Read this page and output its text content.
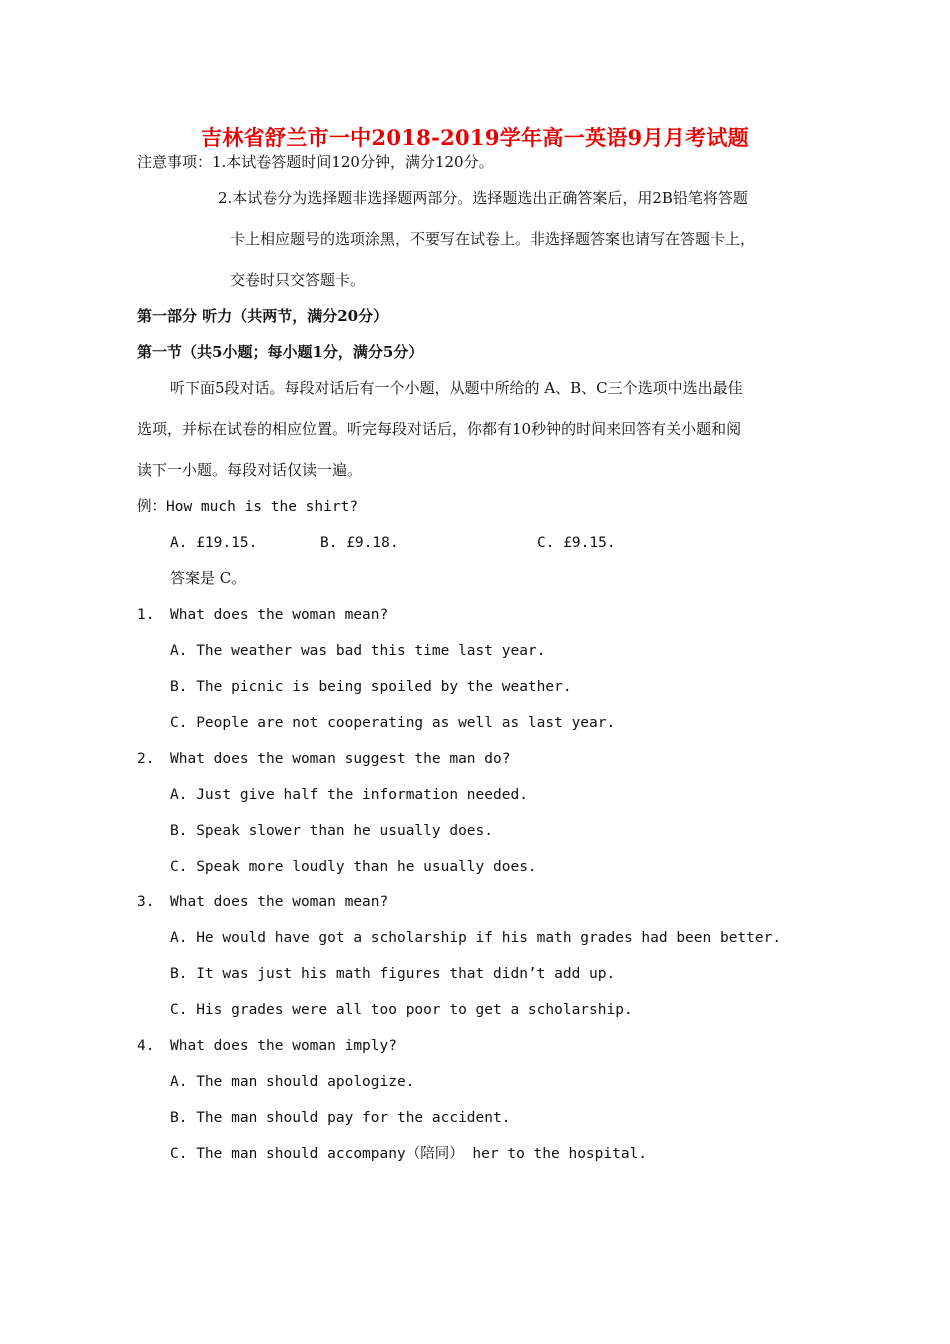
吉林省舒兰市一中2018-2019学年高一英语9月月考试题
注意事项：1.本试卷答题时间120分钟，满分120分。
2.本试卷分为选择题非选择题两部分。选择题选出正确答案后，用2B铅笔将答题
卡上相应题号的选项涂黑，不要写在试卷上。非选择题答案也请写在答题卡上，
交卷时只交答题卡。
第一部分 听力（共两节，满分20分）
第一节（共5小题；每小题1分，满分5分）
听下面5段对话。每段对话后有一个小题，从题中所给的 A、B、C三个选项中选出最佳
选项，并标在试卷的相应位置。听完每段对话后，你都有10秒钟的时间来回答有关小题和阅
读下一小题。每段对话仅读一遍。
例：How much is the shirt?
A. £19.15.	B. £9.18.	C. £9.15.
答案是 C。
1. What does the woman mean?
A. The weather was bad this time last year.
B. The picnic is being spoiled by the weather.
C. People are not cooperating as well as last year.
2. What does the woman suggest the man do?
A. Just give half the information needed.
B. Speak slower than he usually does.
C. Speak more loudly than he usually does.
3. What does the woman mean?
A. He would have got a scholarship if his math grades had been better.
B. It was just his math figures that didn’t add up.
C. His grades were all too poor to get a scholarship.
4. What does the woman imply?
A. The man should apologize.
B. The man should pay for the accident.
C. The man should accompany（陪同） her to the hospital.
